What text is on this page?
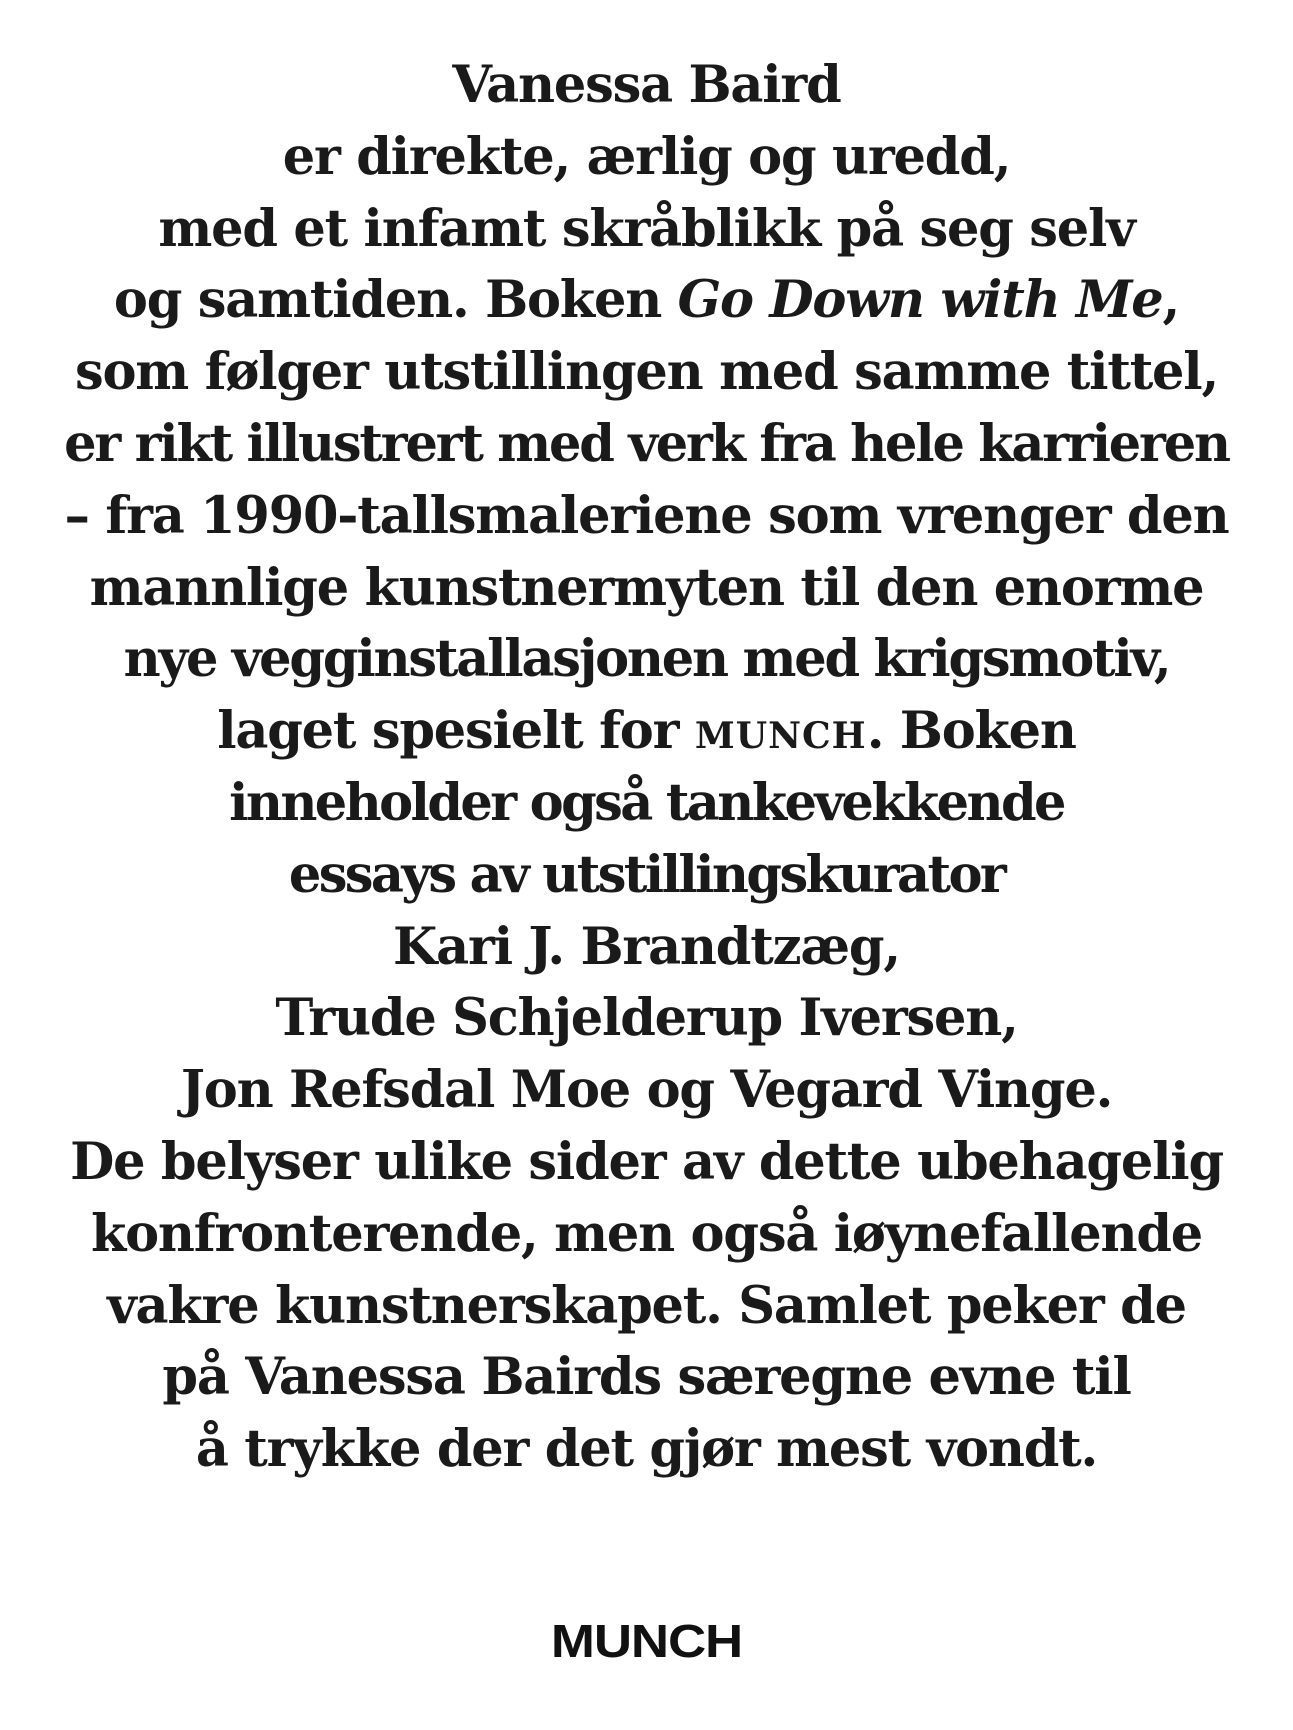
Vanessa Baird
er direkte, ærlig og uredd,
med et infamt skråblikk på seg selv
og samtiden. Boken Go Down with Me,
som følger utstillingen med samme tittel,
er rikt illustrert med verk fra hele karrieren
– fra 1990-tallsmaleriene som vrenger den
mannlige kunstnermyten til den enorme
nye vegginstallasjonen med krigsmotiv,
laget spesielt for munch. Boken
inneholder også tankevekkende
essays av utstillingskurator
Kari J. Brandtzæg,
Trude Schjelderup Iversen,
Jon Refsdal Moe og Vegard Vinge.
De belyser ulike sider av dette ubehagelig
konfronterende, men også iøynefallende
vakre kunstnerskapet. Samlet peker de
på Vanessa Bairds særegne evne til
å trykke der det gjør mest vondt.
MUNCH
